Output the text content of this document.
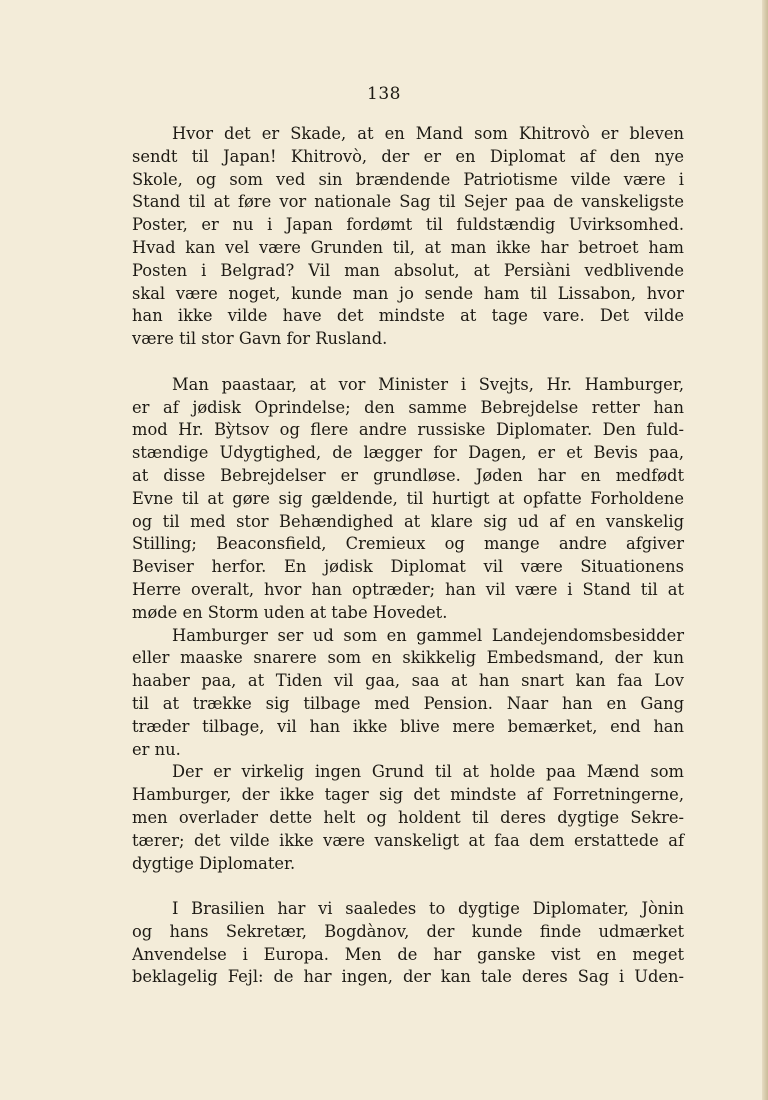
138

Hvor det er Skade, at en Mand som Khitrovò er bleven
sendt til Japan! Khitrovò, der er en Diplomat af den nye
Skole, og som ved sin brændende Patriotisme vilde være i
Stand til at føre vor nationale Sag til Sejer paa de vanskeligste
Poster, er nu i Japan fordømt til fuldstændig Uvirksomhed.
Hvad kan vel være Grunden til, at man ikke har betroet ham
Posten i Belgrad? Vil man absolut, at Persiàni vedblivende
skal være noget, kunde man jo sende ham til Lissabon, hvor
han ikke vilde have det mindste at tage vare. Det vilde
være til stor Gavn for Rusland.

Man paastaar, at vor Minister i Svejts, Hr. Hamburger,
er af jødisk Oprindelse; den samme Bebrejdelse retter han
mod Hr. Bỳtsov og flere andre russiske Diplomater. Den fuld-
stændige Udygtighed, de lægger for Dagen, er et Bevis paa,
at disse Bebrejdelser er grundløse. Jøden har en medfødt
Evne til at gøre sig gældende, til hurtigt at opfatte Forholdene
og til med stor Behændighed at klare sig ud af en vanskelig
Stilling; Beaconsfield, Cremieux og mange andre afgiver
Beviser herfor. En jødisk Diplomat vil være Situationens
Herre overalt, hvor han optræder; han vil være i Stand til at
møde en Storm uden at tabe Hovedet.

Hamburger ser ud som en gammel Landejendomsbesidder
eller maaske snarere som en skikkelig Embedsmand, der kun
haaber paa, at Tiden vil gaa, saa at han snart kan faa Lov
til at trække sig tilbage med Pension. Naar han en Gang
træder tilbage, vil han ikke blive mere bemærket, end han
er nu.

Der er virkelig ingen Grund til at holde paa Mænd som
Hamburger, der ikke tager sig det mindste af Forretningerne,
men overlader dette helt og holdent til deres dygtige Sekre-
tærer; det vilde ikke være vanskeligt at faa dem erstattede af
dygtige Diplomater.

I Brasilien har vi saaledes to dygtige Diplomater, Jònin
og hans Sekretær, Bogdànov, der kunde finde udmærket
Anvendelse i Europa. Men de har ganske vist en meget
beklagelig Fejl: de har ingen, der kan tale deres Sag i Uden-
